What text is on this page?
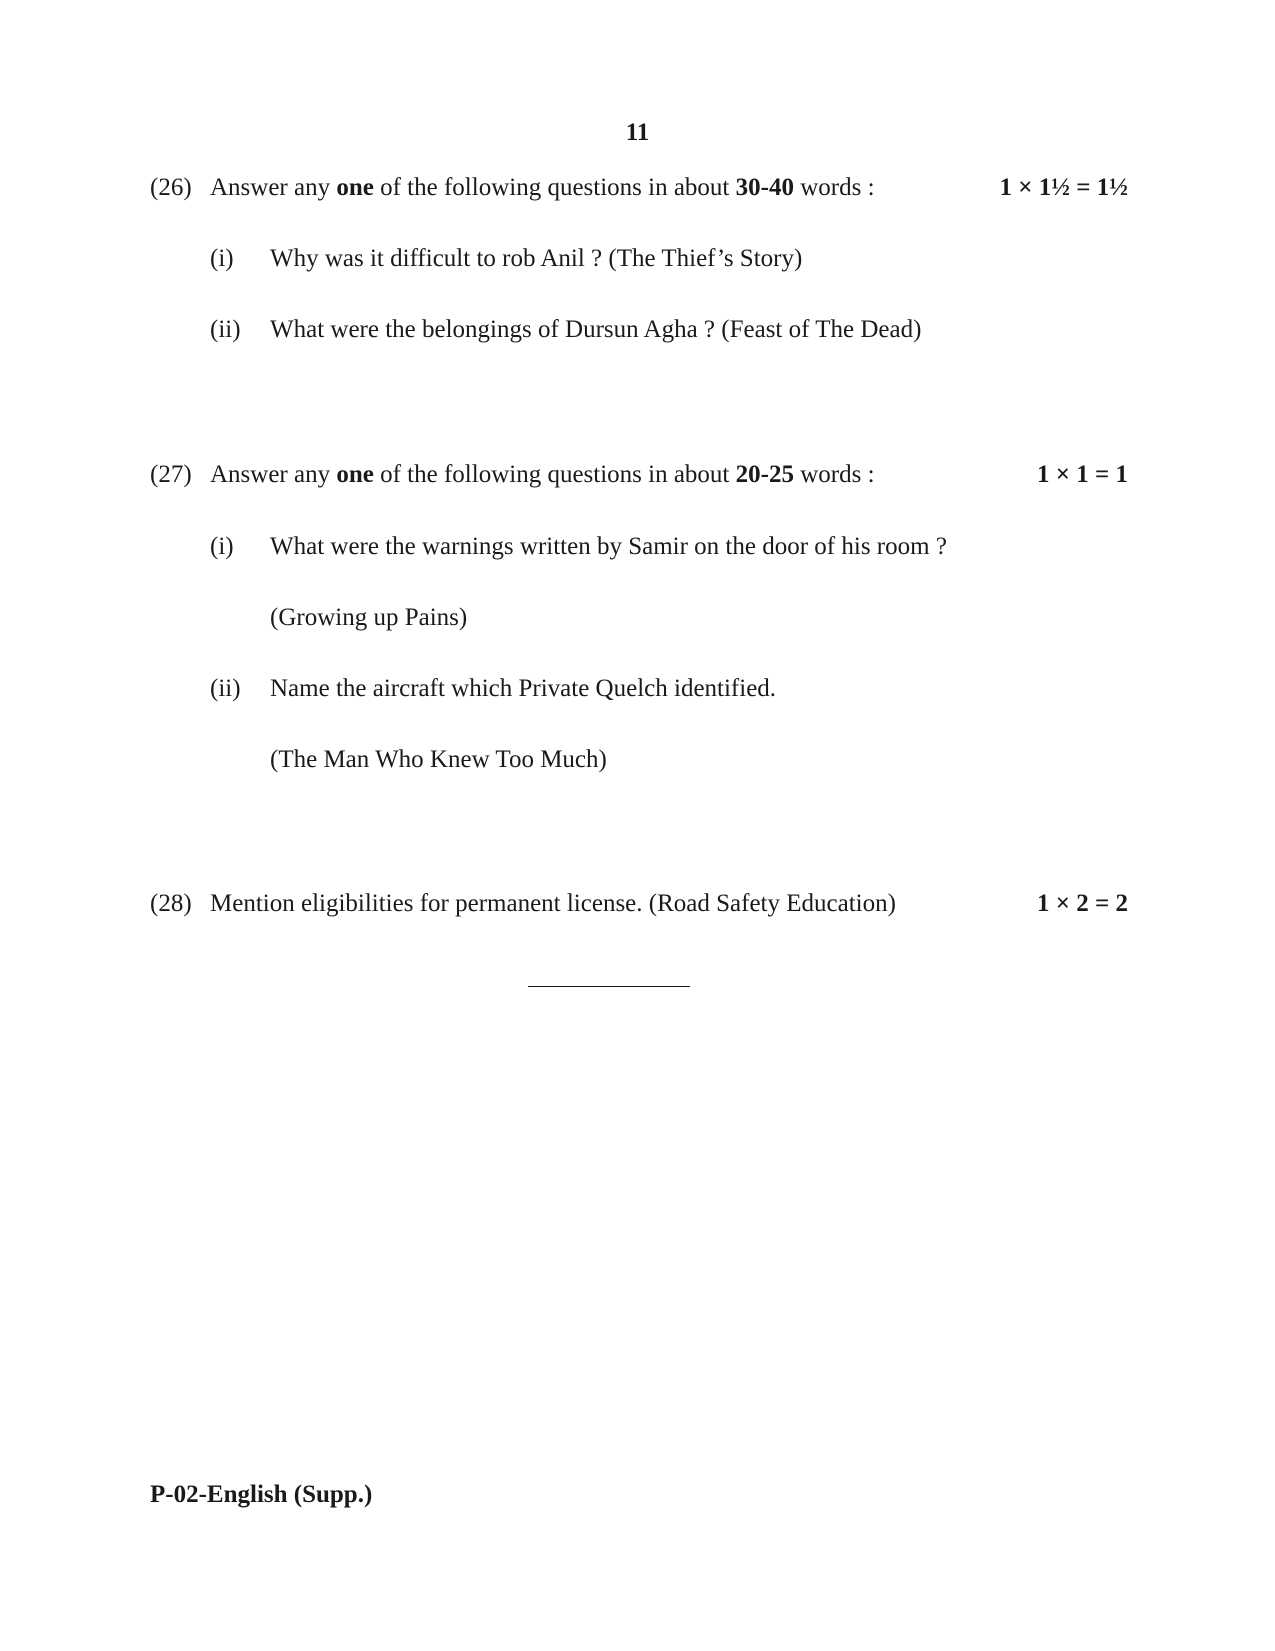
11
(26) Answer any one of the following questions in about 30-40 words :	1 × 1½ = 1½
(i) Why was it difficult to rob Anil ? (The Thief’s Story)
(ii) What were the belongings of Dursun Agha ? (Feast of The Dead)
(27) Answer any one of the following questions in about 20-25 words :	1 × 1 = 1
(i) What were the warnings written by Samir on the door of his room ?
(Growing up Pains)
(ii) Name the aircraft which Private Quelch identified.
(The Man Who Knew Too Much)
(28) Mention eligibilities for permanent license. (Road Safety Education)	1 × 2 = 2
P-02-English (Supp.)
